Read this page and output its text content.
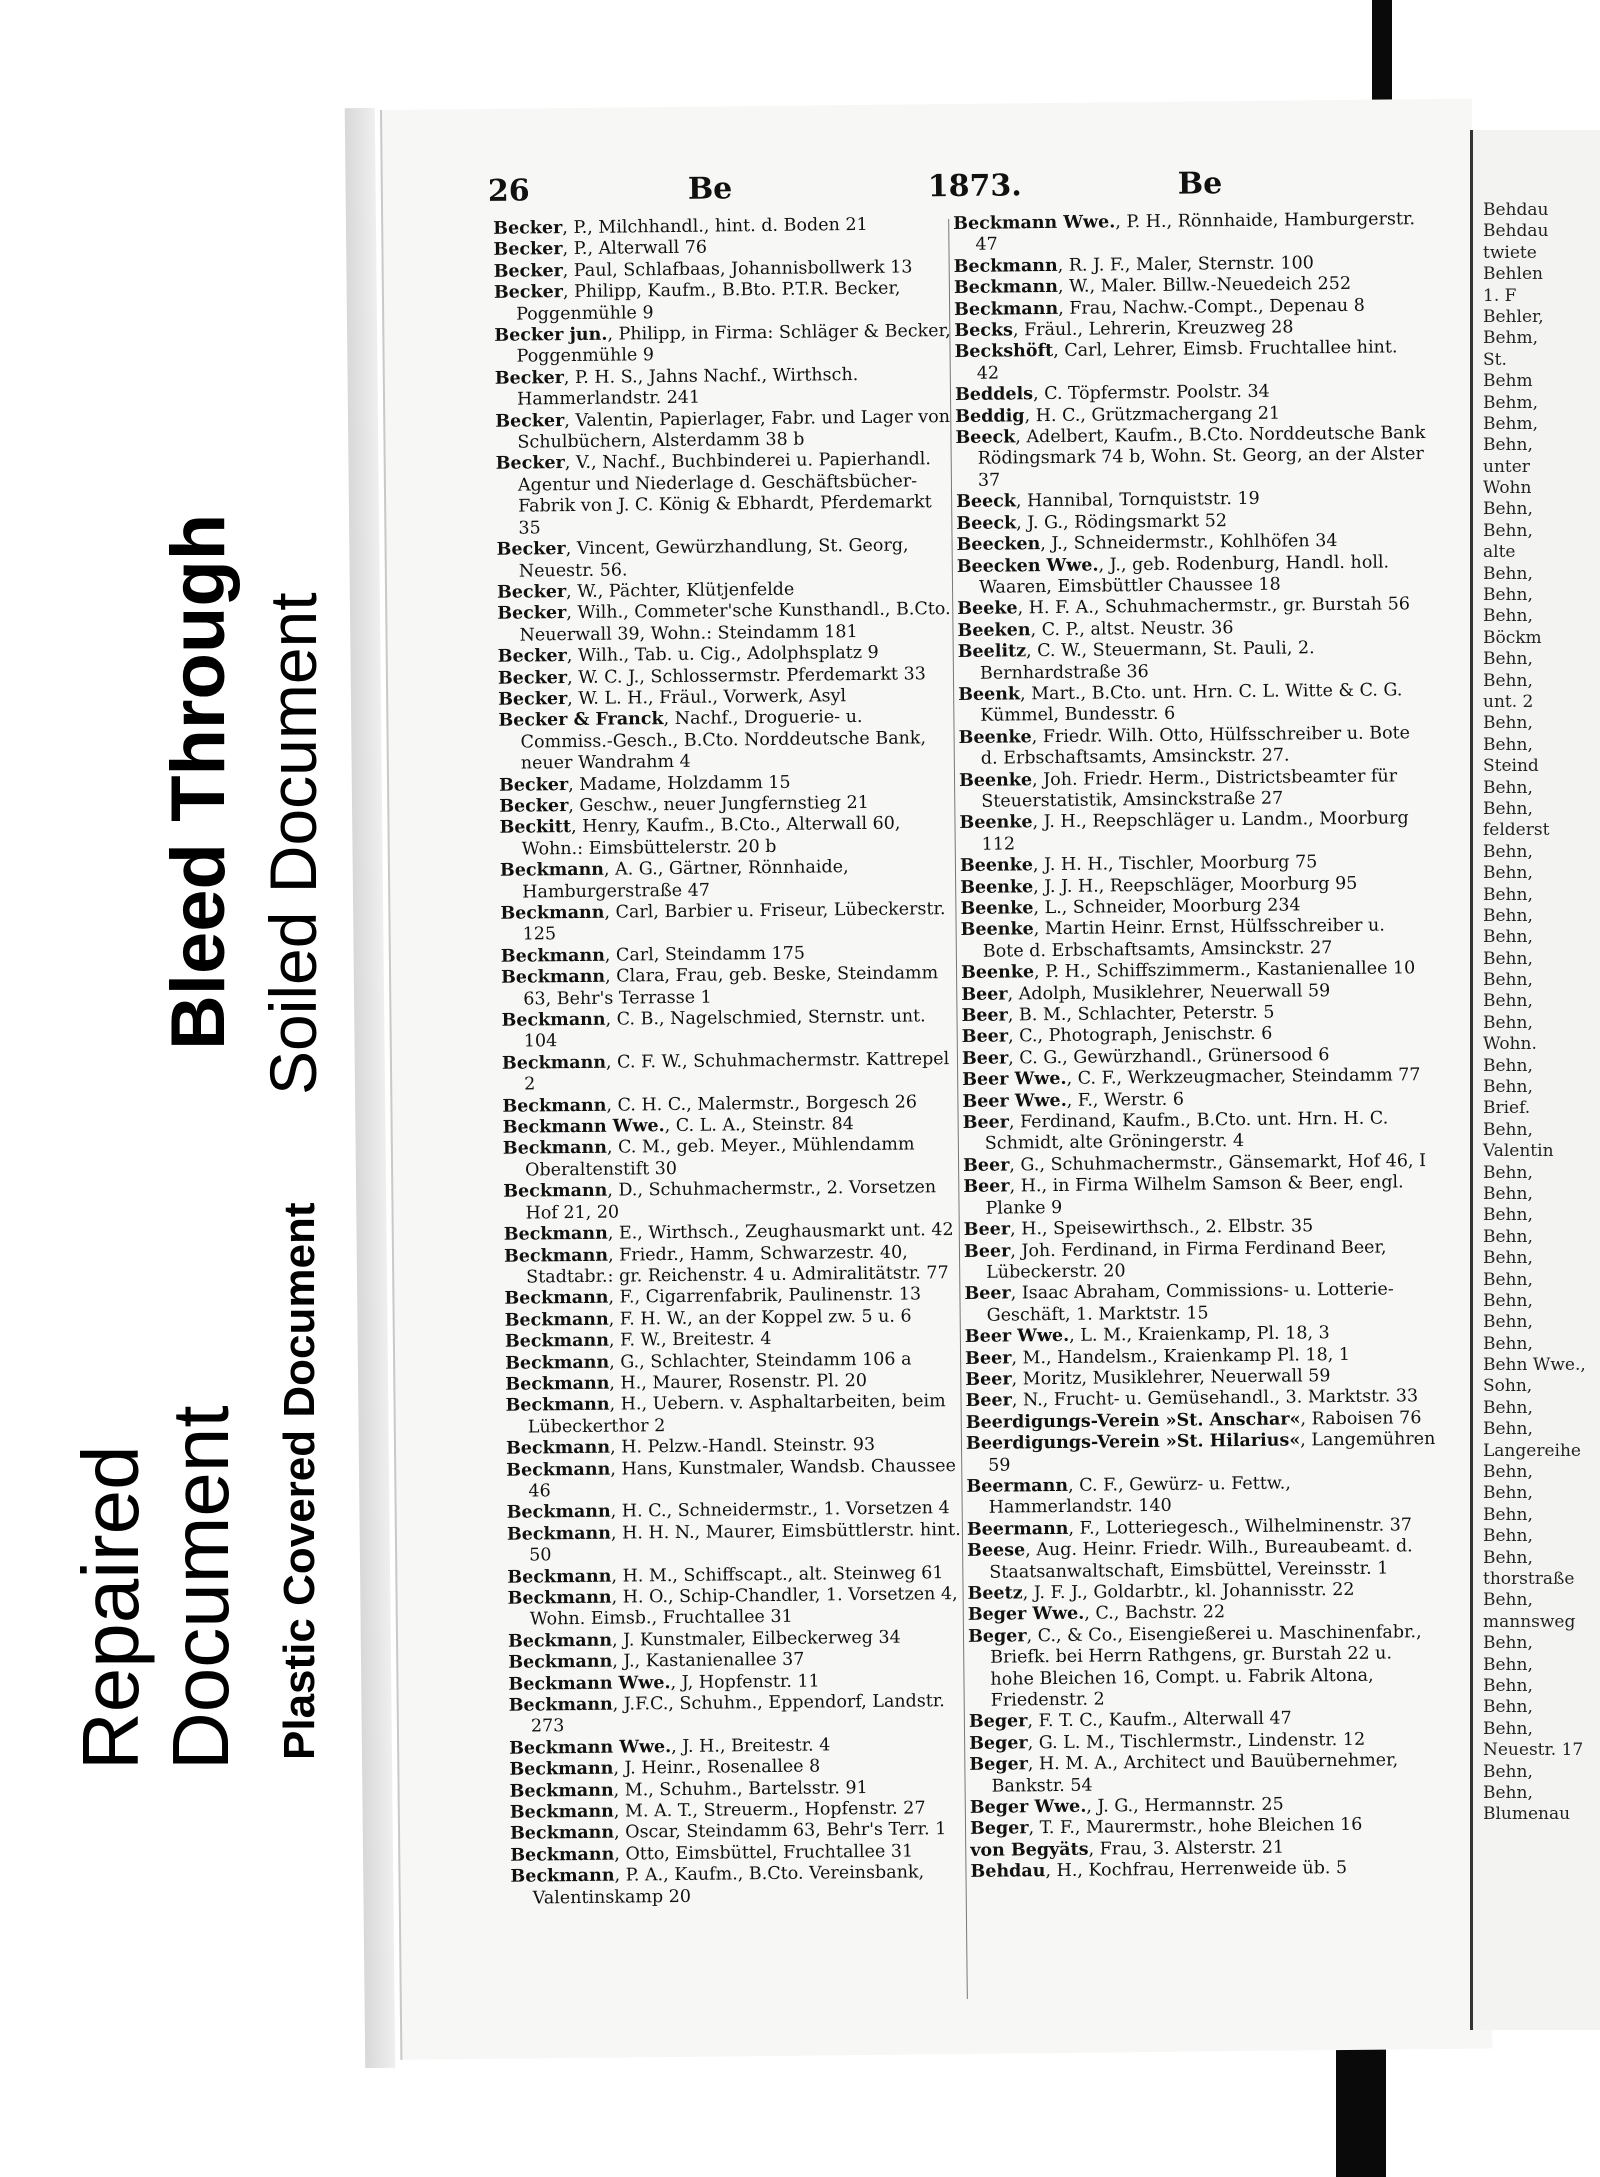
Bleed Through Soiled Document
Plastic Covered Document
Repaired Document
26	Be	1873.	Be

Becker, P., Milchhandl., hint. d. Boden 21

Becker, P., Alterwall 76

Becker, Paul, Schlafbaas, Johannisbollwerk 13

Becker, Philipp, Kaufm., B.Bto. P.T.R. Becker, Poggenmühle 9

Becker jun., Philipp, in Firma: Schläger & Becker, Poggenmühle 9

Becker, P. H. S., Jahns Nachf., Wirthsch. Hammerlandstr. 241

Becker, Valentin, Papierlager, Fabr. und Lager von Schulbüchern, Alsterdamm 38 b

Becker, V., Nachf., Buchbinderei u. Papierhandl. Agentur und Niederlage d. Geschäftsbücher-Fabrik von J. C. König & Ebhardt, Pferdemarkt 35

Becker, Vincent, Gewürzhandlung, St. Georg, Neuestr. 56.

Becker, W., Pächter, Klütjenfelde

Becker, Wilh., Commeter'sche Kunsthandl., B.Cto. Neuerwall 39, Wohn.: Steindamm 181

Becker, Wilh., Tab. u. Cig., Adolphsplatz 9

Becker, W. C. J., Schlossermstr. Pferdemarkt 33

Becker, W. L. H., Fräul., Vorwerk, Asyl

Becker & Franck, Nachf., Droguerie- u. Commiss.-Gesch., B.Cto. Norddeutsche Bank, neuer Wandrahm 4

Becker, Madame, Holzdamm 15

Becker, Geschw., neuer Jungfernstieg 21

Beckitt, Henry, Kaufm., B.Cto., Alterwall 60, Wohn.: Eimsbüttelerstr. 20 b

Beckmann, A. G., Gärtner, Rönnhaide, Hamburgerstraße 47

Beckmann, Carl, Barbier u. Friseur, Lübeckerstr. 125

Beckmann, Carl, Steindamm 175

Beckmann, Clara, Frau, geb. Beske, Steindamm 63, Behr's Terrasse 1

Beckmann, C. B., Nagelschmied, Sternstr. unt. 104

Beckmann, C. F. W., Schuhmachermstr. Kattrepel 2

Beckmann, C. H. C., Malermstr., Borgesch 26

Beckmann Wwe., C. L. A., Steinstr. 84

Beckmann, C. M., geb. Meyer., Mühlendamm Oberaltenstift 30

Beckmann, D., Schuhmachermstr., 2. Vorsetzen Hof 21, 20

Beckmann, E., Wirthsch., Zeughausmarkt unt. 42

Beckmann, Friedr., Hamm, Schwarzestr. 40, Stadtabr.: gr. Reichenstr. 4 u. Admiralitätstr. 77

Beckmann, F., Cigarrenfabrik, Paulinenstr. 13

Beckmann, F. H. W., an der Koppel zw. 5 u. 6

Beckmann, F. W., Breitestr. 4

Beckmann, G., Schlachter, Steindamm 106 a

Beckmann, H., Maurer, Rosenstr. Pl. 20

Beckmann, H., Uebern. v. Asphaltarbeiten, beim Lübeckerthor 2

Beckmann, H. Pelzw.-Handl. Steinstr. 93

Beckmann, Hans, Kunstmaler, Wandsb. Chaussee 46

Beckmann, H. C., Schneidermstr., 1. Vorsetzen 4

Beckmann, H. H. N., Maurer, Eimsbüttlerstr. hint. 50

Beckmann, H. M., Schiffscapt., alt. Steinweg 61

Beckmann, H. O., Schip-Chandler, 1. Vorsetzen 4, Wohn. Eimsb., Fruchtallee 31

Beckmann, J. Kunstmaler, Eilbeckerweg 34

Beckmann, J., Kastanienallee 37

Beckmann Wwe., J, Hopfenstr. 11

Beckmann, J.F.C., Schuhm., Eppendorf, Landstr. 273

Beckmann Wwe., J. H., Breitestr. 4

Beckmann, J. Heinr., Rosenallee 8

Beckmann, M., Schuhm., Bartelsstr. 91

Beckmann, M. A. T., Streuerm., Hopfenstr. 27

Beckmann, Oscar, Steindamm 63, Behr's Terr. 1

Beckmann, Otto, Eimsbüttel, Fruchtallee 31

Beckmann, P. A., Kaufm., B.Cto. Vereinsbank, Valentinskamp 20

Beckmann Wwe., P. H., Rönnhaide, Hamburgerstr. 47

Beckmann, R. J. F., Maler, Sternstr. 100

Beckmann, W., Maler. Billw.-Neuedeich 252

Beckmann, Frau, Nachw.-Compt., Depenau 8

Becks, Fräul., Lehrerin, Kreuzweg 28

Beckshöft, Carl, Lehrer, Eimsb. Fruchtallee hint. 42

Beddels, C. Töpfermstr. Poolstr. 34

Beddig, H. C., Grützmachergang 21

Beeck, Adelbert, Kaufm., B.Cto. Norddeutsche Bank Rödingsmark 74 b, Wohn. St. Georg, an der Alster 37

Beeck, Hannibal, Tornquiststr. 19

Beeck, J. G., Rödingsmarkt 52

Beecken, J., Schneidermstr., Kohlhöfen 34

Beecken Wwe., J., geb. Rodenburg, Handl. holl. Waaren, Eimsbüttler Chaussee 18

Beeke, H. F. A., Schuhmachermstr., gr. Burstah 56

Beeken, C. P., altst. Neustr. 36

Beelitz, C. W., Steuermann, St. Pauli, 2. Bernhardstraße 36

Beenk, Mart., B.Cto. unt. Hrn. C. L. Witte & C. G. Kümmel, Bundesstr. 6

Beenke, Friedr. Wilh. Otto, Hülfsschreiber u. Bote d. Erbschaftsamts, Amsinckstr. 27.

Beenke, Joh. Friedr. Herm., Districtsbeamter für Steuerstatistik, Amsinckstraße 27

Beenke, J. H., Reepschläger u. Landm., Moorburg 112

Beenke, J. H. H., Tischler, Moorburg 75

Beenke, J. J. H., Reepschläger, Moorburg 95

Beenke, L., Schneider, Moorburg 234

Beenke, Martin Heinr. Ernst, Hülfsschreiber u. Bote d. Erbschaftsamts, Amsinckstr. 27

Beenke, P. H., Schiffszimmerm., Kastanienallee 10

Beer, Adolph, Musiklehrer, Neuerwall 59

Beer, B. M., Schlachter, Peterstr. 5

Beer, C., Photograph, Jenischstr. 6

Beer, C. G., Gewürzhandl., Grünersood 6

Beer Wwe., C. F., Werkzeugmacher, Steindamm 77

Beer Wwe., F., Werstr. 6

Beer, Ferdinand, Kaufm., B.Cto. unt. Hrn. H. C. Schmidt, alte Gröningerstr. 4

Beer, G., Schuhmachermstr., Gänsemarkt, Hof 46, I

Beer, H., in Firma Wilhelm Samson & Beer, engl. Planke 9

Beer, H., Speisewirthsch., 2. Elbstr. 35

Beer, Joh. Ferdinand, in Firma Ferdinand Beer, Lübeckerstr. 20

Beer, Isaac Abraham, Commissions- u. Lotterie-Geschäft, 1. Marktstr. 15

Beer Wwe., L. M., Kraienkamp, Pl. 18, 3

Beer, M., Handelsm., Kraienkamp Pl. 18, 1

Beer, Moritz, Musiklehrer, Neuerwall 59

Beer, N., Frucht- u. Gemüsehandl., 3. Marktstr. 33

Beerdigungs-Verein »St. Anschar«, Raboisen 76

Beerdigungs-Verein »St. Hilarius«, Langemühren 59

Beermann, C. F., Gewürz- u. Fettw., Hammerlandstr. 140

Beermann, F., Lotteriegesch., Wilhelminenstr. 37

Beese, Aug. Heinr. Friedr. Wilh., Bureaubeamt. d. Staatsanwaltschaft, Eimsbüttel, Vereinsstr. 1

Beetz, J. F. J., Goldarbtr., kl. Johannisstr. 22

Beger Wwe., C., Bachstr. 22

Beger, C., & Co., Eisengießerei u. Maschinenfabr., Briefk. bei Herrn Rathgens, gr. Burstah 22 u. hohe Bleichen 16, Compt. u. Fabrik Altona, Friedenstr. 2

Beger, F. T. C., Kaufm., Alterwall 47

Beger, G. L. M., Tischlermstr., Lindenstr. 12

Beger, H. M. A., Architect und Bauübernehmer, Bankstr. 54

Beger Wwe., J. G., Hermannstr. 25

Beger, T. F., Maurermstr., hohe Bleichen 16

von Begyäts, Frau, 3. Alsterstr. 21

Behdau, H., Kochfrau, Herrenweide üb. 5

Behdau
Behdau
twiete
Behlen
1. F
Behler,
Behm,
St.
Behm
Behm,
Behm,
Behn,
unter
Wohn
Behn,
Behn,
alte
Behn,
Behn,
Behn,
Böckm
Behn,
Behn,
unt. 2
Behn,
Behn,
Steind
Behn,
Behn,
felderst
Behn,
Behn,
Behn,
Behn,
Behn,
Behn,
Behn,
Behn,
Behn,
Wohn.
Behn,
Behn,
Brief.
Behn,
Valentin
Behn,
Behn,
Behn,
Behn,
Behn,
Behn,
Behn,
Behn,
Behn,
Behn Wwe.,
Sohn,
Behn,
Behn,
Langereihe
Behn,
Behn,
Behn,
Behn,
Behn,
thorstraße
Behn,
mannsweg
Behn,
Behn,
Behn,
Behn,
Behn,
Neuestr. 17
Behn,
Behn,
Blumenau
